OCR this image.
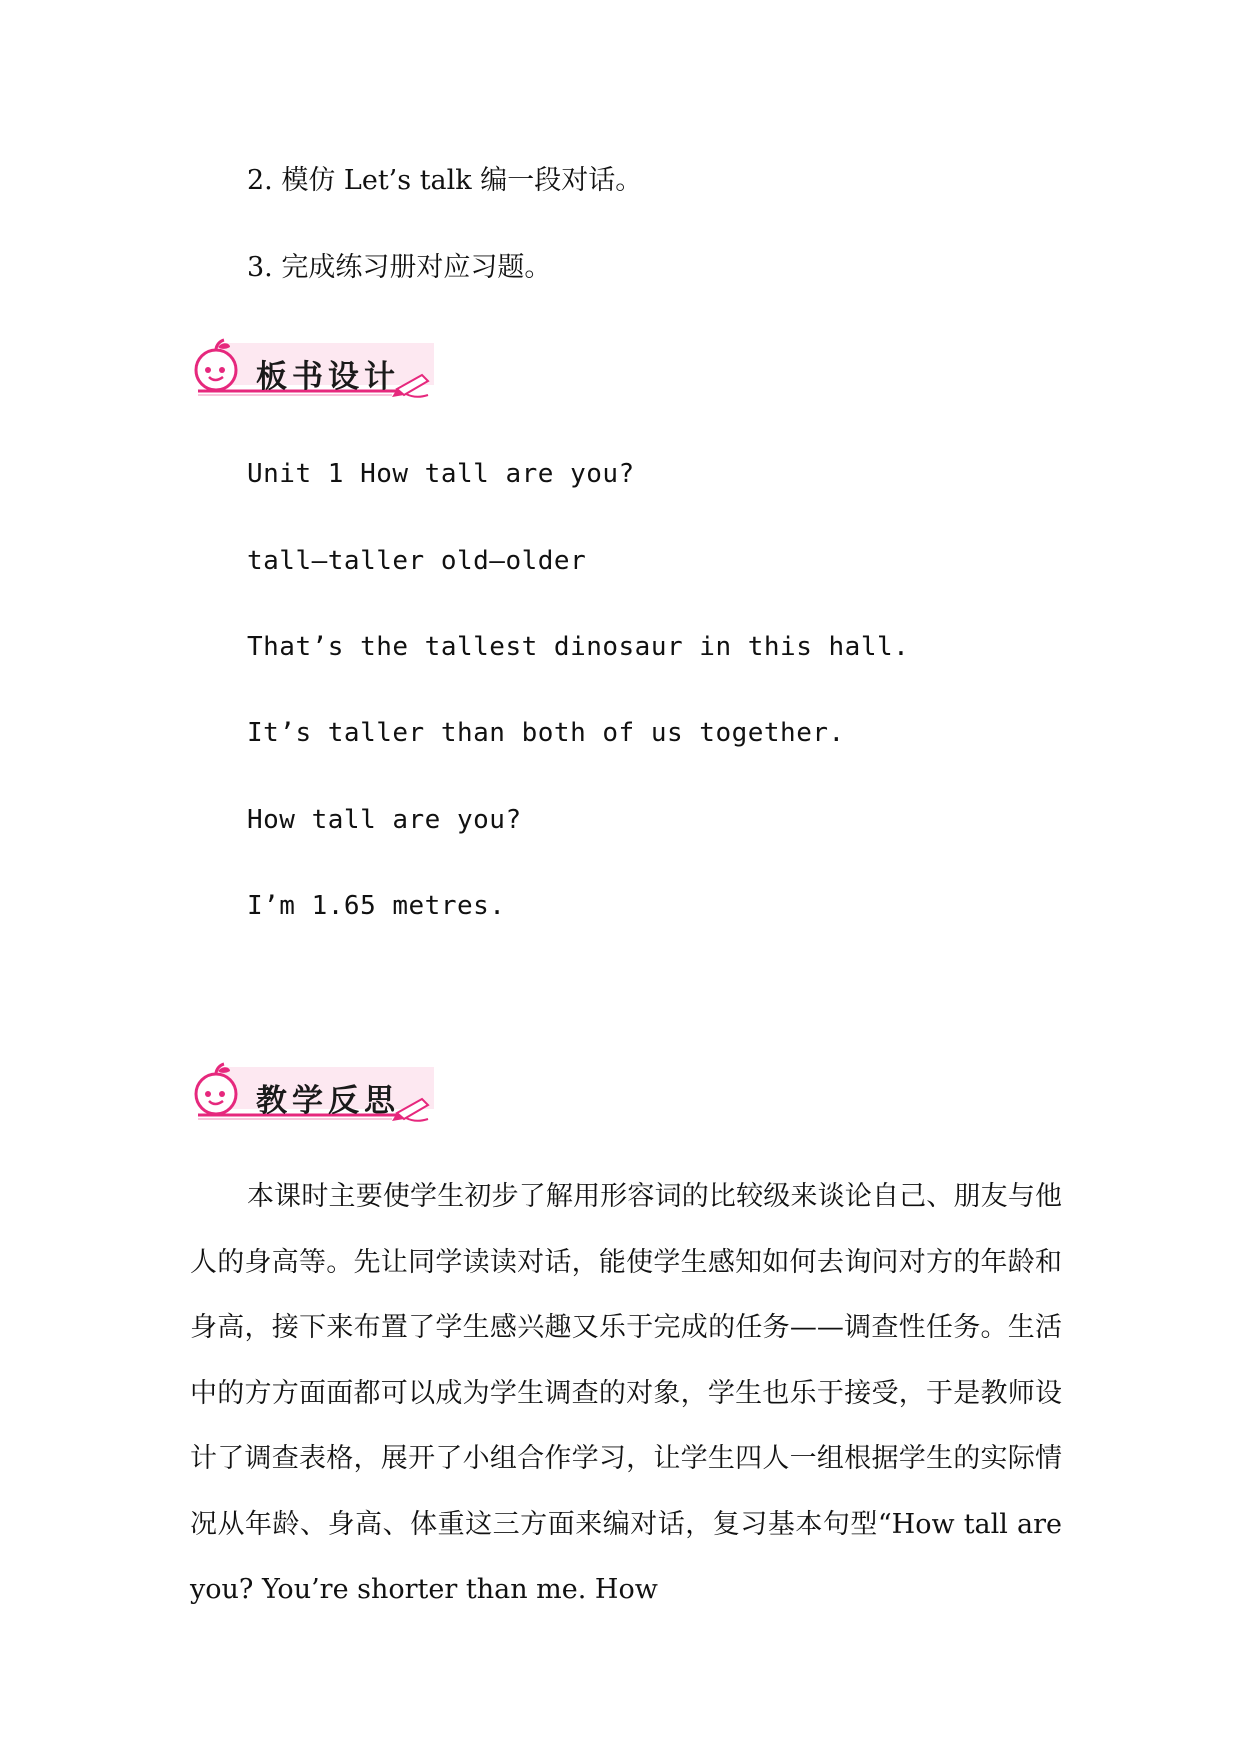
2. 模仿 Let’s talk 编一段对话。
3. 完成练习册对应习题。
板书设计
Unit 1 How tall are you?
tall—taller old—older
That’s the tallest dinosaur in this hall.
It’s taller than both of us together.
How tall are you?
I’m 1.65 metres.
教学反思
本课时主要使学生初步了解用形容词的比较级来谈论自己、朋友与他人的身高等。先让同学读读对话，能使学生感知如何去询问对方的年龄和身高，接下来布置了学生感兴趣又乐于完成的任务——调查性任务。生活中的方方面面都可以成为学生调查的对象，学生也乐于接受，于是教师设计了调查表格，展开了小组合作学习，让学生四人一组根据学生的实际情况从年龄、身高、体重这三方面来编对话，复习基本句型“How tall are you? You’re shorter than me. How
